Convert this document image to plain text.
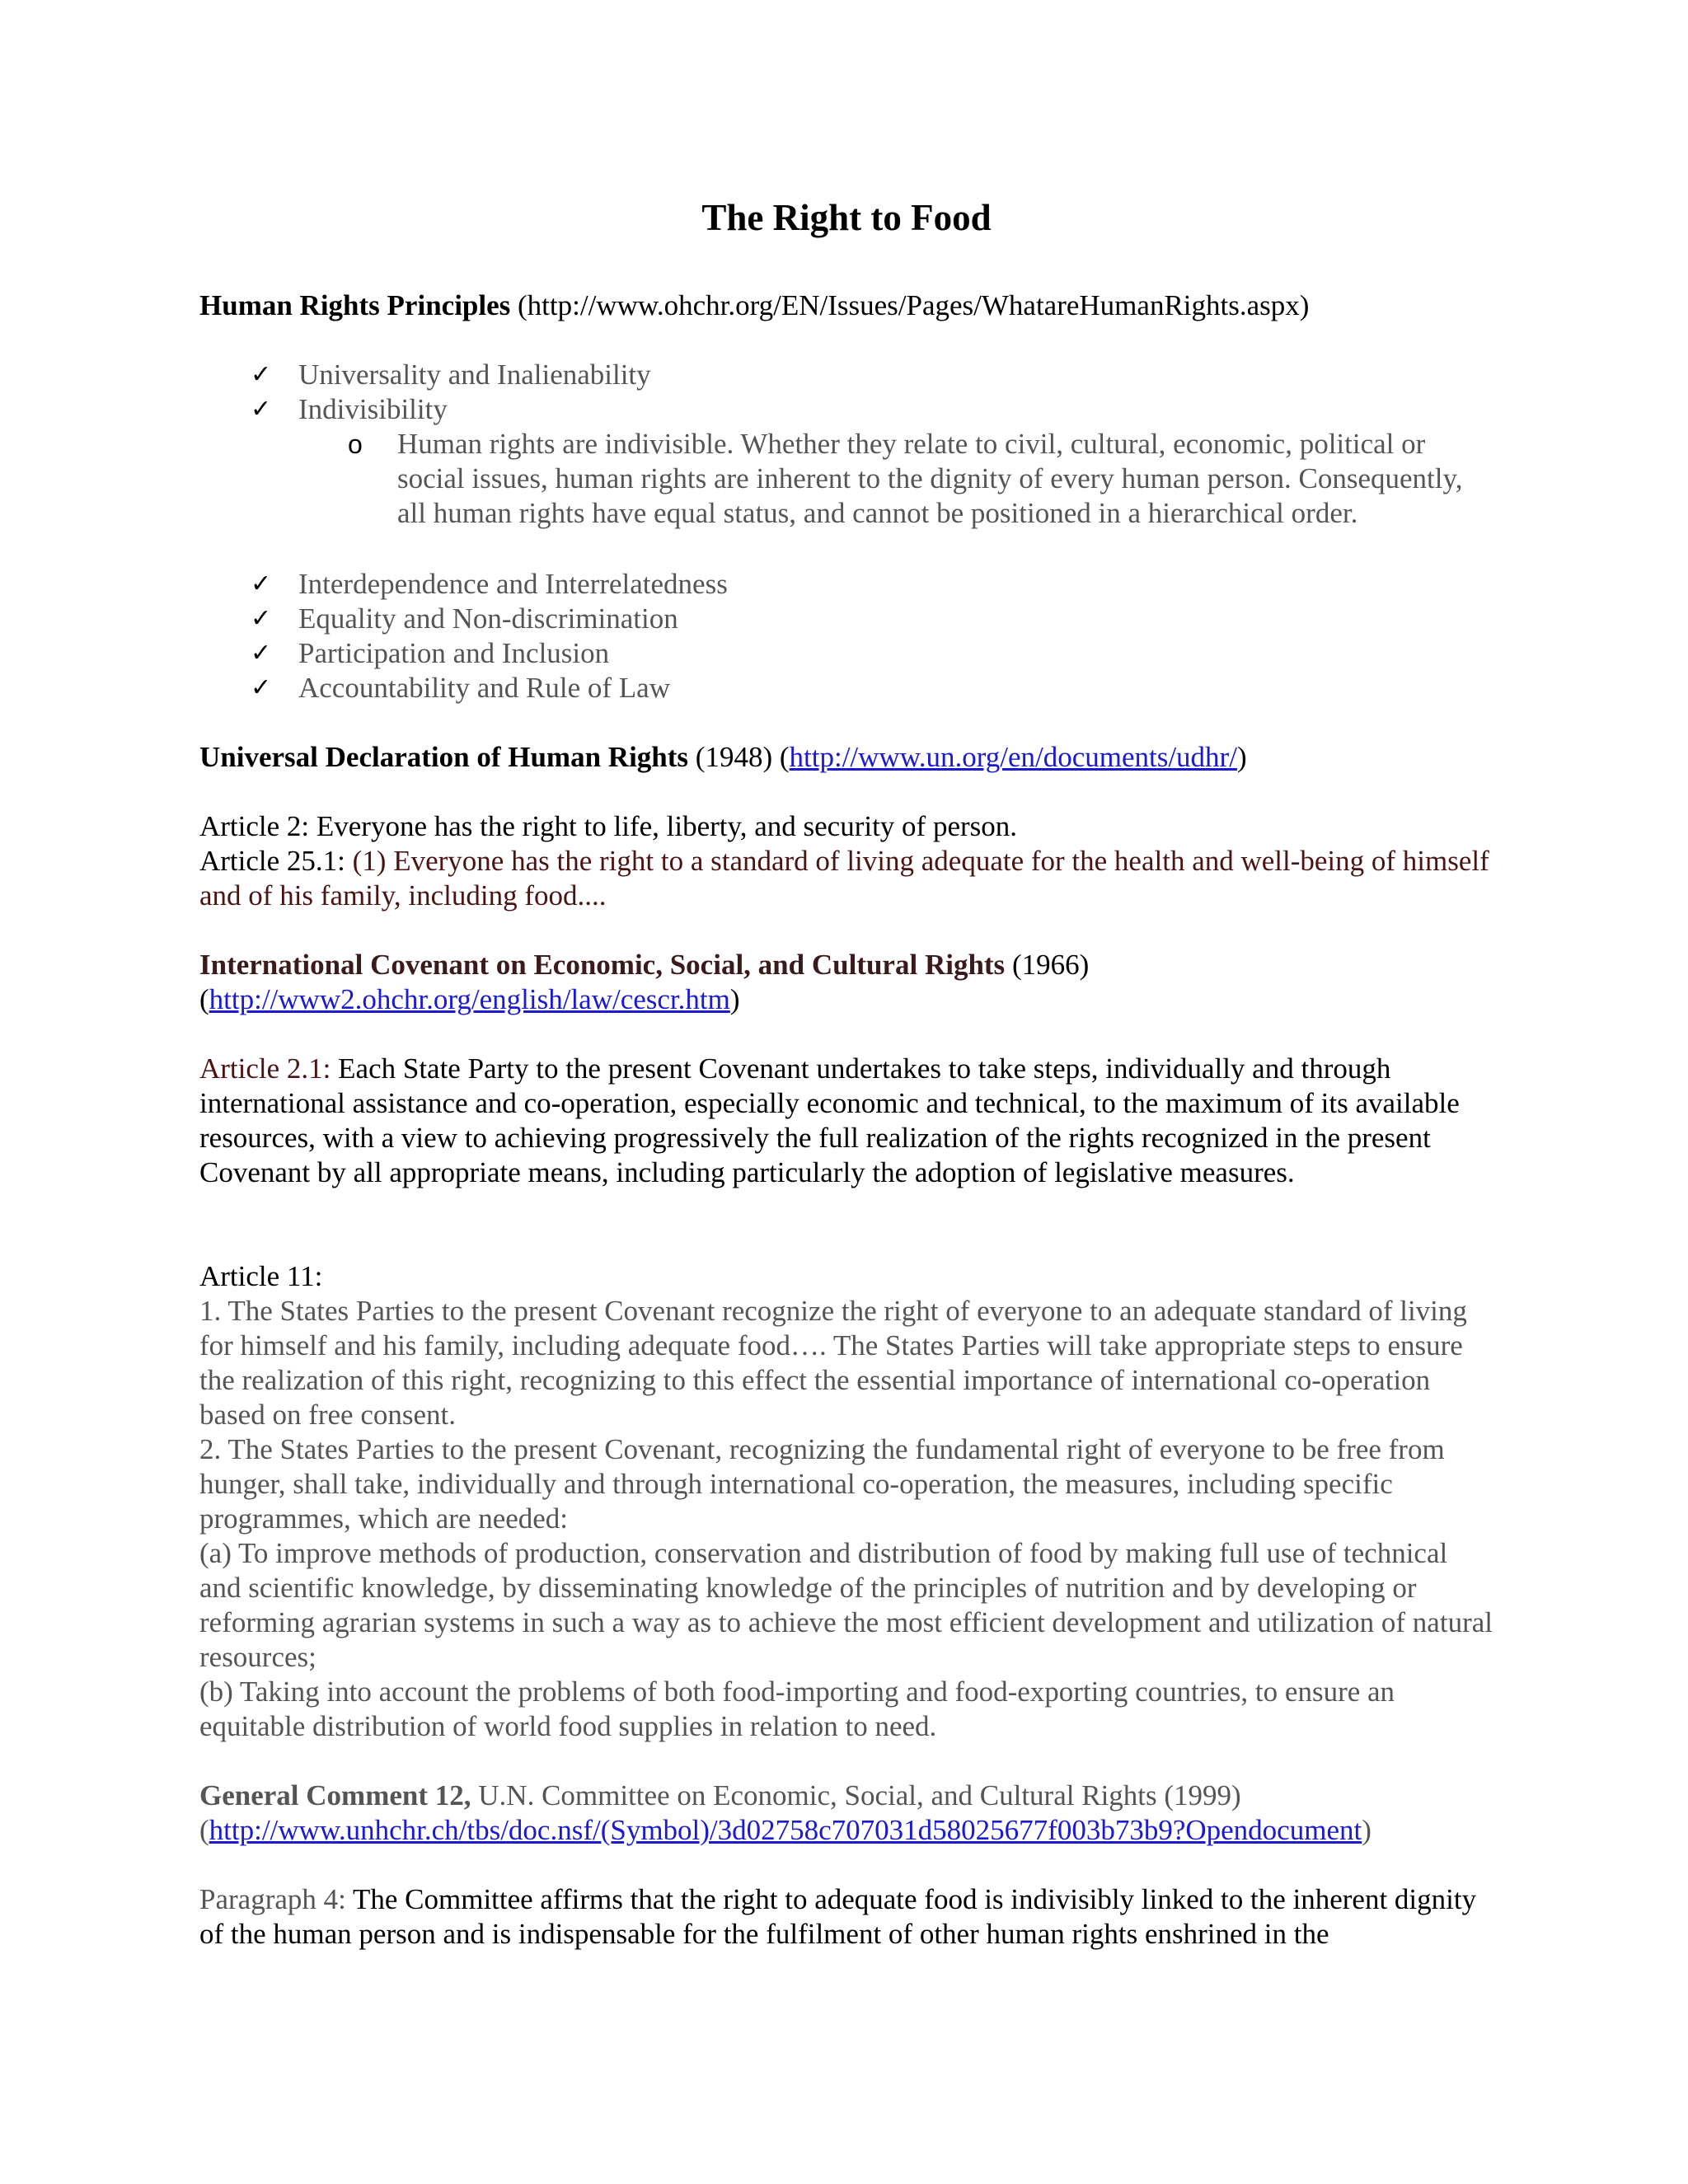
The Right to Food
Human Rights Principles (http://www.ohchr.org/EN/Issues/Pages/WhatareHumanRights.aspx)
✓ Universality and Inalienability
✓ Indivisibility
o Human rights are indivisible. Whether they relate to civil, cultural, economic, political or social issues, human rights are inherent to the dignity of every human person. Consequently, all human rights have equal status, and cannot be positioned in a hierarchical order.
✓ Interdependence and Interrelatedness
✓ Equality and Non-discrimination
✓ Participation and Inclusion
✓ Accountability and Rule of Law
Universal Declaration of Human Rights (1948) (http://www.un.org/en/documents/udhr/)
Article 2: Everyone has the right to life, liberty, and security of person.
Article 25.1: (1) Everyone has the right to a standard of living adequate for the health and well-being of himself and of his family, including food....
International Covenant on Economic, Social, and Cultural Rights (1966)
(http://www2.ohchr.org/english/law/cescr.htm)
Article 2.1: Each State Party to the present Covenant undertakes to take steps, individually and through international assistance and co-operation, especially economic and technical, to the maximum of its available resources, with a view to achieving progressively the full realization of the rights recognized in the present Covenant by all appropriate means, including particularly the adoption of legislative measures.
Article 11:
1. The States Parties to the present Covenant recognize the right of everyone to an adequate standard of living for himself and his family, including adequate food…. The States Parties will take appropriate steps to ensure the realization of this right, recognizing to this effect the essential importance of international co-operation based on free consent.
2. The States Parties to the present Covenant, recognizing the fundamental right of everyone to be free from hunger, shall take, individually and through international co-operation, the measures, including specific programmes, which are needed:
(a) To improve methods of production, conservation and distribution of food by making full use of technical and scientific knowledge, by disseminating knowledge of the principles of nutrition and by developing or reforming agrarian systems in such a way as to achieve the most efficient development and utilization of natural resources;
(b) Taking into account the problems of both food-importing and food-exporting countries, to ensure an equitable distribution of world food supplies in relation to need.
General Comment 12, U.N. Committee on Economic, Social, and Cultural Rights (1999)
(http://www.unhchr.ch/tbs/doc.nsf/(Symbol)/3d02758c707031d58025677f003b73b9?Opendocument)
Paragraph 4: The Committee affirms that the right to adequate food is indivisibly linked to the inherent dignity of the human person and is indispensable for the fulfilment of other human rights enshrined in the
